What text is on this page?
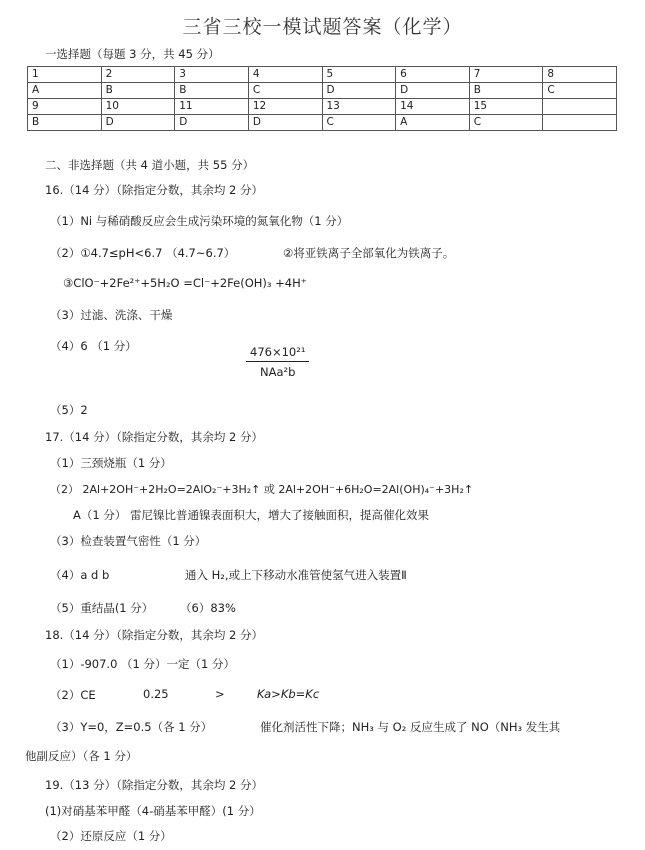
三省三校一模试题答案（化学）
一选择题（每题 3 分，共 45 分）
1	2	3	4	5	6	7	8
A	B	B	C	D	D	B	C
9	10	11	12	13	14	15	
B	D	D	D	C	A	C	
二、非选择题（共 4 道小题，共 55 分）
16.（14 分）（除指定分数，其余均 2 分）
（1）Ni 与稀硝酸反应会生成污染环境的氮氧化物（1 分）
（2）①4.7≤pH<6.7 （4.7~6.7）	②将亚铁离子全部氧化为铁离子。
③ClO⁻+2Fe²⁺+5H₂O =Cl⁻+2Fe(OH)₃ +4H⁺
（3）过滤、洗涤、干燥
（4）6 （1 分）	476×10²¹
NAa²b
（5）2
17.（14 分）（除指定分数，其余均 2 分）
（1）三颈烧瓶（1 分）
（2） 2Al+2OH⁻+2H₂O=2AlO₂⁻+3H₂↑ 或 2Al+2OH⁻+6H₂O=2Al(OH)₄⁻+3H₂↑
A（1 分） 雷尼镍比普通镍表面积大，增大了接触面积，提高催化效果
（3）检查装置气密性（1 分）
（4）a d b	通入 H₂,或上下移动水准管使氢气进入装置Ⅱ
（5）重结晶(1 分） （6）83%
18.（14 分）（除指定分数，其余均 2 分）
（1）-907.0 （1 分）一定（1 分）
（2）CE	0.25	>	Ka>Kb=Kc
（3）Y=0，Z=0.5（各 1 分）	催化剂活性下降；NH₃ 与 O₂ 反应生成了 NO（NH₃ 发生其
他副反应）（各 1 分）
19.（13 分）（除指定分数，其余均 2 分）
(1)对硝基苯甲醛（4-硝基苯甲醛）(1 分）
（2）还原反应（1 分）
